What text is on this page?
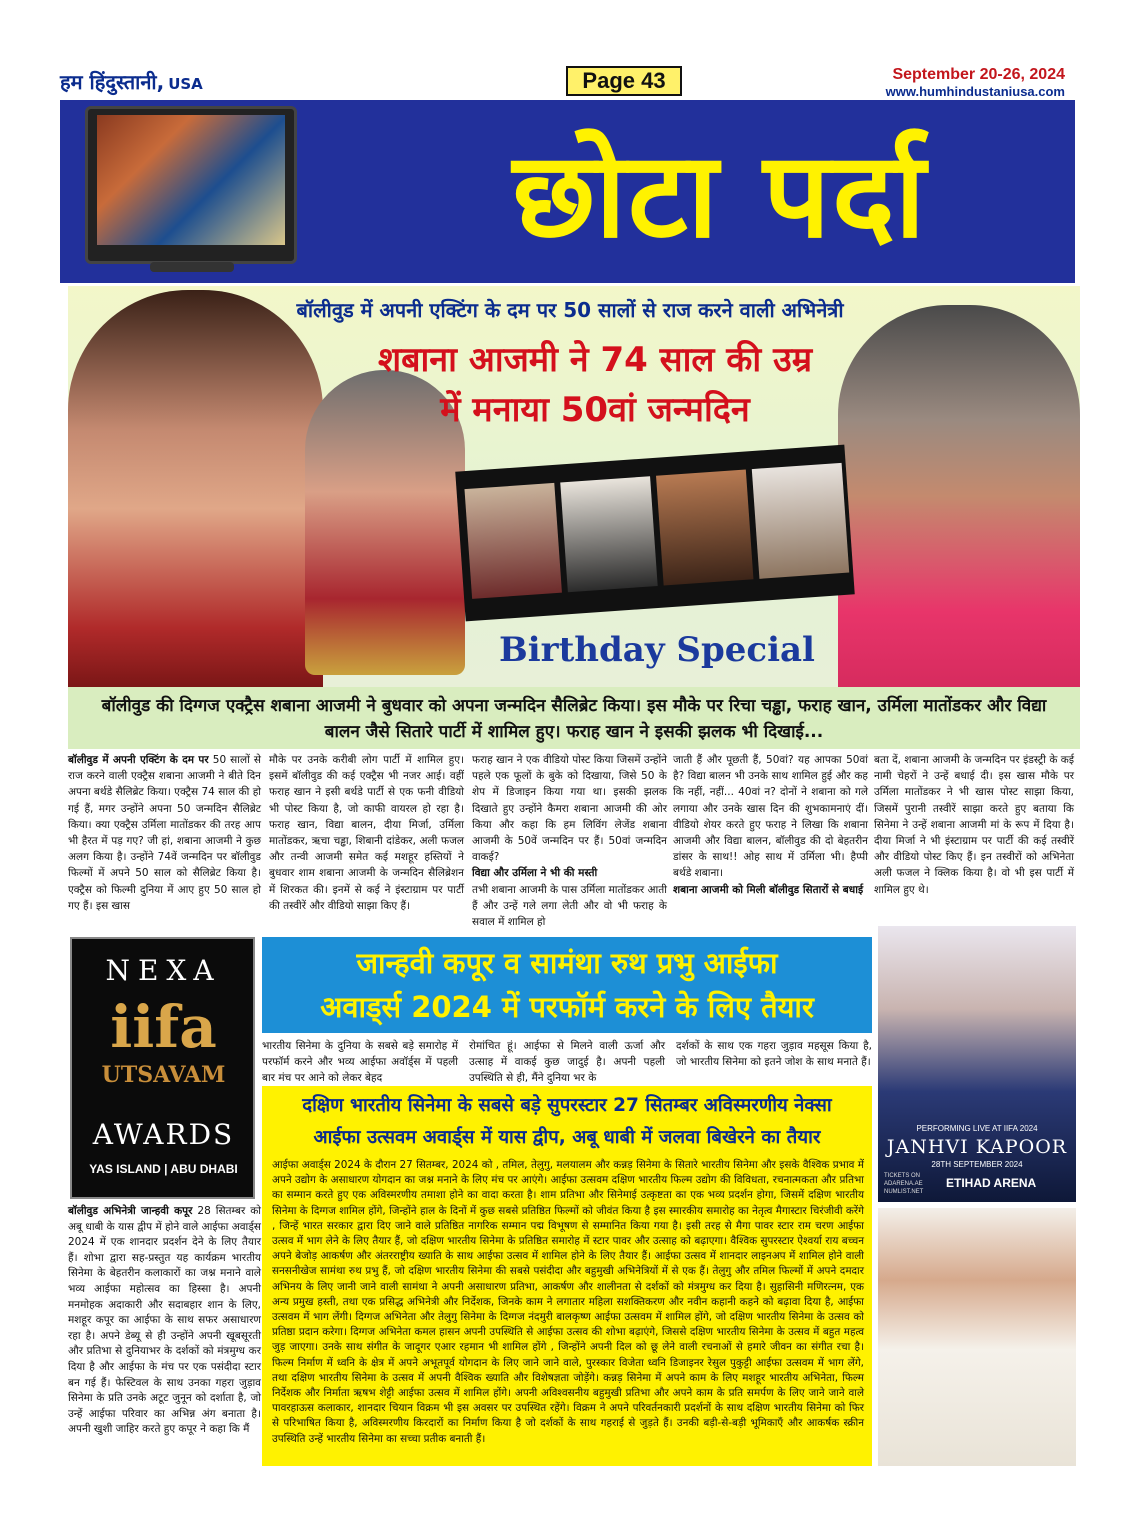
हम हिंदुस्तानी, USA	Page 43	September 20-26, 2024
www.humhindustaniusa.com
छोटा पर्दा
बॉलीवुड में अपनी एक्टिंग के दम पर 50 सालों से राज करने वाली अभिनेत्री
शबाना आजमी ने 74 साल की उम्र
में मनाया 50वां जन्मदिन
Birthday Special
बॉलीवुड की दिग्गज एक्ट्रैस शबाना आजमी ने बुधवार को अपना जन्मदिन सैलिब्रेट किया। इस मौके पर रिचा चड्ढा, फराह खान, उर्मिला मातोंडकर और विद्या बालन जैसे सितारे पार्टी में शामिल हुए। फराह खान ने इसकी झलक भी दिखाई...
बॉलीवुड में अपनी एक्टिंग के दम पर 50 सालों से राज करने वाली एक्ट्रैस शबाना आजमी ने बीते दिन अपना बर्थडे सैलिब्रेट किया। एक्ट्रैस 74 साल की हो गई हैं, मगर उन्होंने अपना 50 जन्मदिन सैलिब्रेट किया। क्या एक्ट्रैस उर्मिला मातोंडकर की तरह आप भी हैरत में पड़ गए? जी हां, शबाना आजमी ने कुछ अलग किया है। उन्होंने 74वें जन्मदिन पर बॉलीवुड फिल्मों में अपने 50 साल को सैलिब्रेट किया है। एक्ट्रैस को फिल्मी दुनिया में आए हुए 50 साल हो गए हैं। इस खास
मौके पर उनके करीबी लोग पार्टी में शामिल हुए। इसमें बॉलीवुड की कई एक्ट्रैस भी नजर आई। वहीं फराह खान ने इसी बर्थडे पार्टी से एक फनी वीडियो भी पोस्ट किया है, जो काफी वायरल हो रहा है। फराह खान, विद्या बालन, दीया मिर्जा, उर्मिला मातोंडकर, ऋचा चड्ढा, शिबानी दांडेकर, अली फजल और तन्वी आजमी समेत कई मशहूर हस्तियों ने बुधवार शाम शबाना आजमी के जन्मदिन सैलिब्रेशन में शिरकत की। इनमें से कई ने इंस्टाग्राम पर पार्टी की तस्वीरें और वीडियो साझा किए हैं।
फराह खान ने एक वीडियो पोस्ट किया जिसमें उन्होंने पहले एक फूलों के बुके को दिखाया, जिसे 50 के शेप में डिजाइन किया गया था। इसकी झलक दिखाते हुए उन्होंने कैमरा शबाना आजमी की ओर किया और कहा कि हम लिविंग लेजेंड शबाना आजमी के 50वें जन्मदिन पर हैं। 50वां जन्मदिन वाकई?
विद्या और उर्मिला ने भी की मस्ती
तभी शबाना आजमी के पास उर्मिला मातोंडकर आती हैं और उन्हें गले लगा लेती और वो भी फराह के सवाल में शामिल हो
जाती हैं और पूछती हैं, 50वां? यह आपका 50वां है? विद्या बालन भी उनके साथ शामिल हुई और कह कि नहीं, नहीं... 40वां न? दोनों ने शबाना को गले लगाया और उनके खास दिन की शुभकामनाएं दीं। वीडियो शेयर करते हुए फराह ने लिखा कि शबाना आजमी और विद्या बालन, बॉलीवुड की दो बेहतरीन डांसर के साथ!! ओह साथ में उर्मिला भी। हैप्पी बर्थडे शबाना।
शबाना आजमी को मिली बॉलीवुड सितारों से बधाई
बता दें, शबाना आजमी के जन्मदिन पर इंडस्ट्री के कई नामी चेहरों ने उन्हें बधाई दी। इस खास मौके पर उर्मिला मातोंडकर ने भी खास पोस्ट साझा किया, जिसमें पुरानी तस्वीरें साझा करते हुए बताया कि सिनेमा ने उन्हें शबाना आजमी मां के रूप में दिया है। दीया मिर्जा ने भी इंस्टाग्राम पर पार्टी की कई तस्वीरें और वीडियो पोस्ट किए हैं। इन तस्वीरों को अभिनेता अली फजल ने क्लिक किया है। वो भी इस पार्टी में शामिल हुए थे।
NEXA
iifa
UTSAVAM
AWARDS
YAS ISLAND | ABU DHABI
जान्हवी कपूर व सामंथा रुथ प्रभु आईफा
अवाड्‌र्स 2024 में परफॉर्म करने के लिए तैयार
भारतीय सिनेमा के दुनिया के सबसे बड़े समारोह में परफॉर्म करने और भव्य आईफा अवॉर्ड्स में पहली बार मंच पर आने को लेकर बेहद
रोमांचित हूं। आईफा से मिलने वाली ऊर्जा और उत्साह में वाकई कुछ जादुई है। अपनी पहली उपस्थिति से ही, मैंने दुनिया भर के
दर्शकों के साथ एक गहरा जुड़ाव महसूस किया है, जो भारतीय सिनेमा को इतने जोश के साथ मनाते हैं।
दक्षिण भारतीय सिनेमा के सबसे बड़े सुपरस्टार 27 सितम्बर अविस्मरणीय नेक्सा
आईफा उत्सवम अवार्ड्स में यास द्वीप, अबू धाबी में जलवा बिखेरने का तैयार
आईफा अवार्ड्स 2024 के दौरान 27 सितम्बर, 2024 को , तमिल, तेलुगु, मलयालम और कन्नड़ सिनेमा के सितारे भारतीय सिनेमा और इसके वैश्विक प्रभाव में अपने उद्योग के असाधारण योगदान का जश्न मनाने के लिए मंच पर आएंगे। आईफा उत्सवम दक्षिण भारतीय फिल्म उद्योग की विविधता, रचनात्मकता और प्रतिभा का सम्मान करते हुए एक अविस्मरणीय तमाशा होने का वादा करता है। शाम प्रतिभा और सिनेमाई उत्कृष्टता का एक भव्य प्रदर्शन होगा, जिसमें दक्षिण भारतीय सिनेमा के दिग्गज शामिल होंगे, जिन्होंने हाल के दिनों में कुछ सबसे प्रतिष्ठित फिल्मों को जीवंत किया है इस स्मारकीय समारोह का नेतृत्व मैगास्टार चिरंजीवी करेंगे , जिन्हें भारत सरकार द्वारा दिए जाने वाले प्रतिष्ठित नागरिक सम्मान पद्म विभूषण से सम्मानित किया गया है। इसी तरह से मैगा पावर स्टार राम चरण आईफा उत्सव में भाग लेने के लिए तैयार हैं, जो दक्षिण भारतीय सिनेमा के प्रतिष्ठित समारोह में स्टार पावर और उत्साह को बढ़ाएगा। वैश्विक सुपरस्टार ऐश्वर्या राय बच्चन अपने बेजोड़ आकर्षण और अंतरराष्ट्रीय ख्याति के साथ आईफा उत्सव में शामिल होने के लिए तैयार हैं। आईफा उत्सव में शानदार लाइनअप में शामिल होने वाली सनसनीखेज सामंथा रुथ प्रभु हैं, जो दक्षिण भारतीय सिनेमा की सबसे पसंदीदा और बहुमुखी अभिनेत्रियों में से एक हैं। तेलुगु और तमिल फिल्मों में अपने दमदार अभिनय के लिए जानी जाने वाली सामंथा ने अपनी असाधारण प्रतिभा, आकर्षण और शालीनता से दर्शकों को मंत्रमुग्ध कर दिया है। सुहासिनी मणिरत्नम, एक अन्य प्रमुख हस्ती, तथा एक प्रसिद्ध अभिनेत्री और निर्देशक, जिनके काम ने लगातार महिला सशक्तिकरण और नवीन कहानी कहने को बढ़ावा दिया है, आईफा उत्सवम में भाग लेंगी। दिग्गज अभिनेता और तेलुगु सिनेमा के दिग्गज नंदमुरी बालकृष्ण आईफा उत्सवम में शामिल होंगे, जो दक्षिण भारतीय सिनेमा के उत्सव को प्रतिष्ठा प्रदान करेगा। दिग्गज अभिनेता कमल हासन अपनी उपस्थिति से आईफा उत्सव की शोभा बढ़ाएंगे, जिससे दक्षिण भारतीय सिनेमा के उत्सव में बहुत महत्व जुड़ जाएगा। उनके साथ संगीत के जादूगर एआर रहमान भी शामिल होंगे , जिन्होंने अपनी दिल को छू लेने वाली रचनाओं से हमारे जीवन का संगीत रचा है। फिल्म निर्माण में ध्वनि के क्षेत्र में अपने अभूतपूर्व योगदान के लिए जाने जाने वाले, पुरस्कार विजेता ध्वनि डिजाइनर रेसुल पुकुट्टी आईफा उत्सवम में भाग लेंगे, तथा दक्षिण भारतीय सिनेमा के उत्सव में अपनी वैश्विक ख्याति और विशेषज्ञता जोड़ेंगे। कन्नड़ सिनेमा में अपने काम के लिए मशहूर भारतीय अभिनेता, फिल्म निर्देशक और निर्माता ऋषभ शेट्टी आईफा उत्सव में शामिल होंगे। अपनी अविश्वसनीय बहुमुखी प्रतिभा और अपने काम के प्रति समर्पण के लिए जाने जाने वाले पावरहाऊस कलाकार, शानदार चियान विक्रम भी इस अवसर पर उपस्थित रहेंगे। विक्रम ने अपने परिवर्तनकारी प्रदर्शनों के साथ दक्षिण भारतीय सिनेमा को फिर से परिभाषित किया है, अविस्मरणीय किरदारों का निर्माण किया है जो दर्शकों के साथ गहराई से जुड़ते हैं। उनकी बड़ी-से-बड़ी भूमिकाएँ और आकर्षक स्क्रीन उपस्थिति उन्हें भारतीय सिनेमा का सच्चा प्रतीक बनाती हैं।
बॉलीवुड अभिनेत्री जान्हवी कपूर 28 सितम्बर को अबू धाबी के यास द्वीप में होने वाले आईफा अवार्ड्स 2024 में एक शानदार प्रदर्शन देने के लिए तैयार हैं। शोभा द्वारा सह-प्रस्तुत यह कार्यक्रम भारतीय सिनेमा के बेहतरीन कलाकारों का जश्न मनाने वाले भव्य आईफा महोत्सव का हिस्सा है। अपनी मनमोहक अदाकारी और सदाबहार शान के लिए, मशहूर कपूर का आईफा के साथ सफर असाधारण रहा है। अपने डेब्यू से ही उन्होंने अपनी खूबसूरती और प्रतिभा से दुनियाभर के दर्शकों को मंत्रमुग्ध कर दिया है और आईफा के मंच पर एक पसंदीदा स्टार बन गई हैं। फेस्टिवल के साथ उनका गहरा जुड़ाव सिनेमा के प्रति उनके अटूट जुनून को दर्शाता है, जो उन्हें आईफा परिवार का अभिन्न अंग बनाता है। अपनी खुशी जाहिर करते हुए कपूर ने कहा कि मैं
PERFORMING LIVE AT IIFA 2024
JANHVI KAPOOR
28TH SEPTEMBER 2024
TICKETS ON ADARENA.AE NUMLIST.NET
ETIHAD ARENA
